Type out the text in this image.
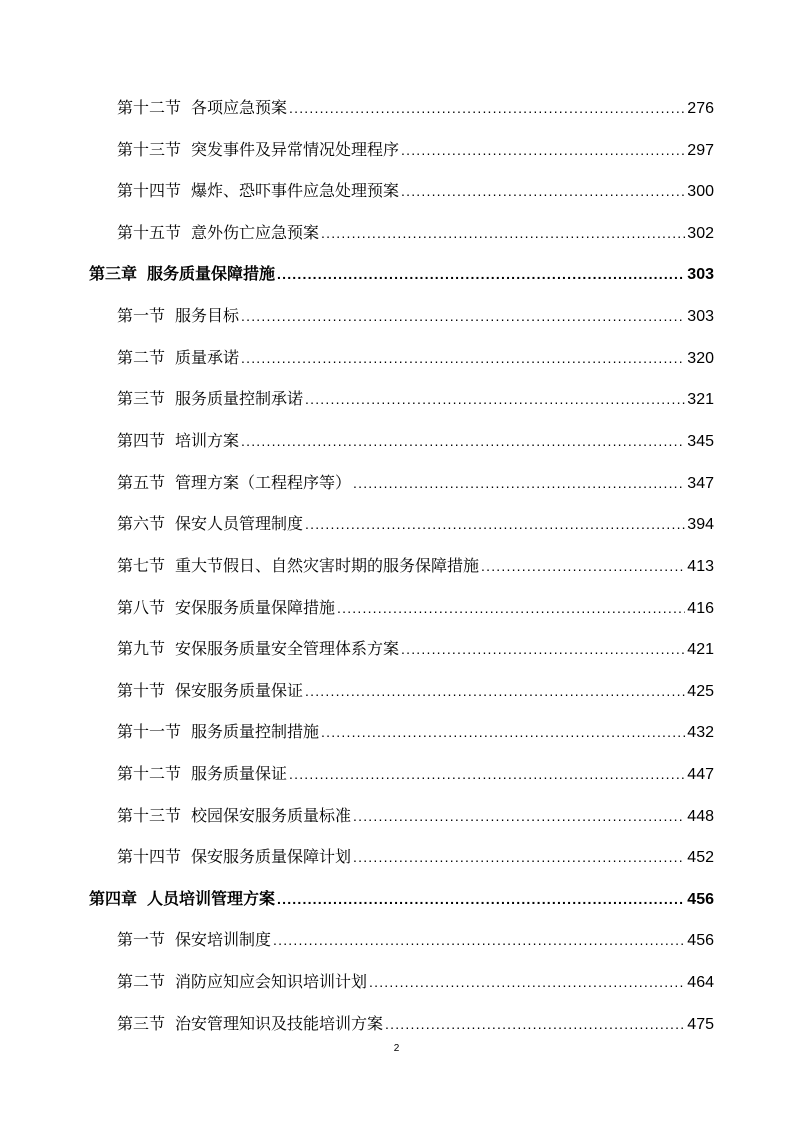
第十二节 各项应急预案 .....	276
第十三节 突发事件及异常情况处理程序 .....	297
第十四节 爆炸、恐吓事件应急处理预案 .....	300
第十五节 意外伤亡应急预案 .....	302
第三章 服务质量保障措施 .....	303
第一节 服务目标 .....	303
第二节 质量承诺 .....	320
第三节 服务质量控制承诺 .....	321
第四节 培训方案 .....	345
第五节 管理方案（工程程序等） .....	347
第六节 保安人员管理制度 .....	394
第七节 重大节假日、自然灾害时期的服务保障措施 .....	413
第八节 安保服务质量保障措施 .....	416
第九节 安保服务质量安全管理体系方案 .....	421
第十节 保安服务质量保证 .....	425
第十一节 服务质量控制措施 .....	432
第十二节 服务质量保证 .....	447
第十三节 校园保安服务质量标准 .....	448
第十四节 保安服务质量保障计划 .....	452
第四章 人员培训管理方案 .....	456
第一节 保安培训制度 .....	456
第二节 消防应知应会知识培训计划 .....	464
第三节 治安管理知识及技能培训方案 .....	475
2
